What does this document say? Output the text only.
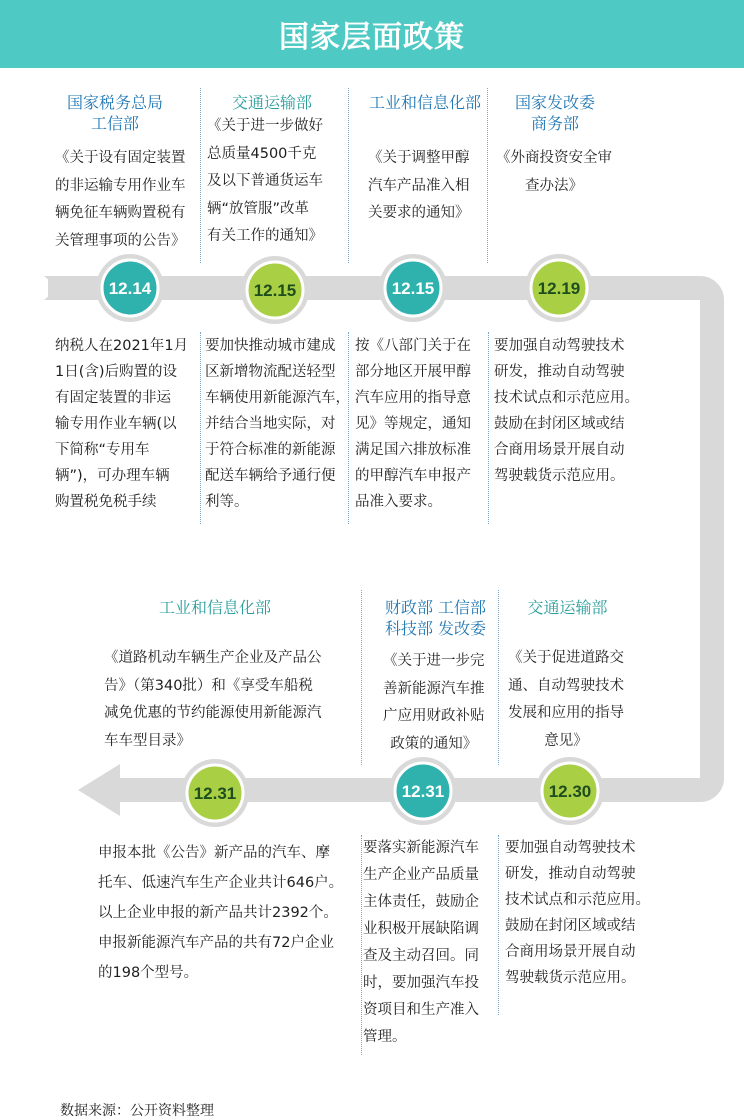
国家层面政策
12.14	12.15	12.15	12.19
12.31	12.31	12.30
数据来源：公开资料整理
国家税务总局
工信部
《关于设有固定装置
的非运输专用作业车
辆免征车辆购置税有
关管理事项的公告》
纳税人在2021年1月
1日(含)后购置的设
有固定装置的非运
输专用作业车辆(以
下简称“专用车
辆”)，可办理车辆
购置税免税手续
交通运输部
《关于进一步做好
总质量4500千克
及以下普通货运车
辆“放管服”改革
有关工作的通知》
要加快推动城市建成
区新增物流配送轻型
车辆使用新能源汽车，
并结合当地实际，对
于符合标准的新能源
配送车辆给予通行便
利等。
工业和信息化部
《关于调整甲醇
汽车产品准入相
关要求的通知》
按《八部门关于在
部分地区开展甲醇
汽车应用的指导意
见》等规定，通知
满足国六排放标准
的甲醇汽车申报产
品准入要求。
国家发改委
商务部
《外商投资安全审
查办法》
要加强自动驾驶技术
研发，推动自动驾驶
技术试点和示范应用。
鼓励在封闭区域或结
合商用场景开展自动
驾驶载货示范应用。
工业和信息化部
《道路机动车辆生产企业及产品公
告》（第340批）和《享受车船税
减免优惠的节约能源使用新能源汽
车车型目录》
申报本批《公告》新产品的汽车、摩
托车、低速汽车生产企业共计646户。
以上企业申报的新产品共计2392个。
申报新能源汽车产品的共有72户企业
的198个型号。
财政部 工信部
科技部 发改委
《关于进一步完
善新能源汽车推
广应用财政补贴
政策的通知》
要落实新能源汽车
生产企业产品质量
主体责任，鼓励企
业积极开展缺陷调
查及主动召回。同
时，要加强汽车投
资项目和生产准入
管理。
交通运输部
《关于促进道路交
通、自动驾驶技术
发展和应用的指导
意见》
要加强自动驾驶技术
研发，推动自动驾驶
技术试点和示范应用。
鼓励在封闭区域或结
合商用场景开展自动
驾驶载货示范应用。
